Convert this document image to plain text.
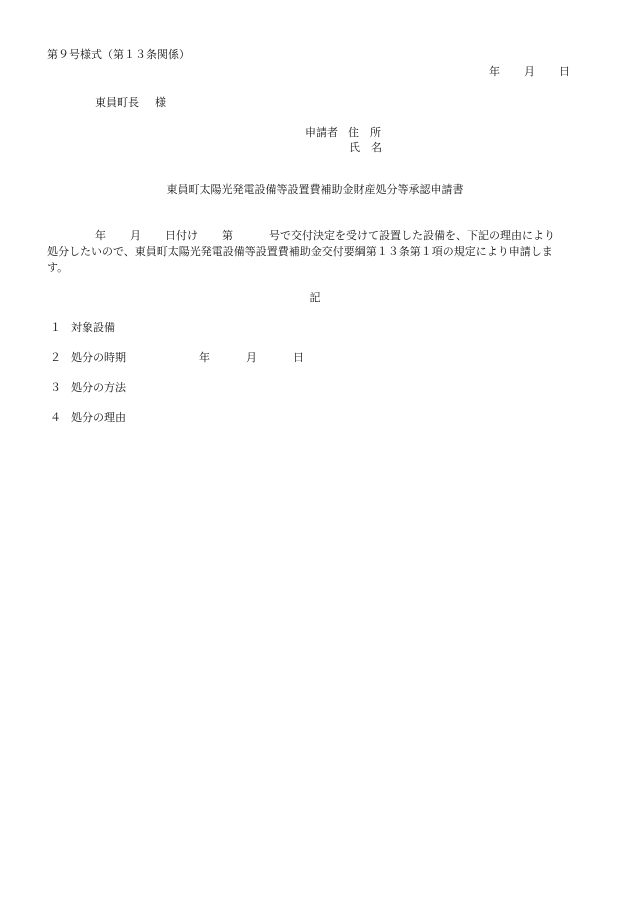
第９号様式（第１３条関係）
年 月 日
東員町長 様
申請者 住　所
氏　名
東員町太陽光発電設備等設置費補助金財産処分等承認申請書
年 月 日付け 第	号で交付決定を受けて設置した設備を、下記の理由により
処分したいので、東員町太陽光発電設備等設置費補助金交付要綱第１３条第１項の規定により申請しま
す。
記
１ 対象設備
２ 処分の時期	年	月	日
３ 処分の方法
４ 処分の理由
